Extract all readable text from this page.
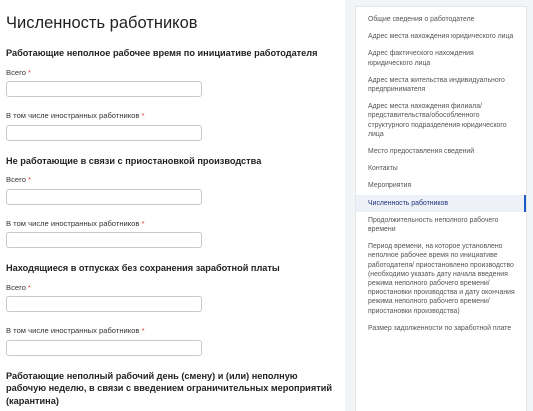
Численность работников
Работающие неполное рабочее время по инициативе работодателя
Всего *
В том числе иностранных работников *
Не работающие в связи с приостановкой производства
Всего *
В том числе иностранных работников *
Находящиеся в отпусках без сохранения заработной платы
Всего *
В том числе иностранных работников *
Работающие неполный рабочий день (смену) и (или) неполную рабочую неделю, в связи с введением ограничительных мероприятий (карантина)
Общие сведения о работодателе
Адрес места нахождения юридического лица
Адрес фактического нахождения юридического лица
Адрес места жительства индивидуального предпринимателя
Адрес места нахождения филиала/ представительства/обособленного структурного подразделения юридического лица
Место предоставления сведений
Контакты
Мероприятия
Численность работников
Продолжительность неполного рабочего времени
Период времени, на которое установлено неполное рабочее время по инициативе работодателя/ приостановлено производство (необходимо указать дату начала введения режима неполного рабочего времени/приостановки производства и дату окончания режима неполного рабочего времени/приостановки производства)
Размер задолженности по заработной плате
